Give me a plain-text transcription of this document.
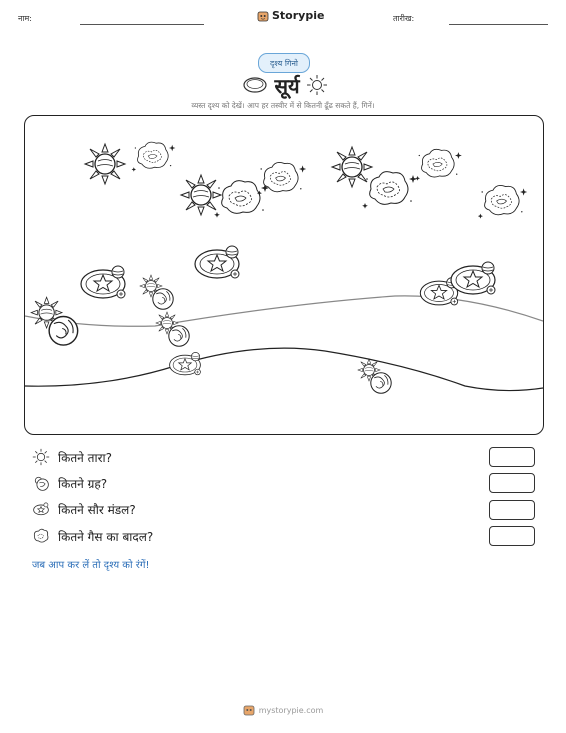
नाम:	Storypie	तारीख:
दृश्य गिनो
सूर्य
व्यस्त दृश्य को देखें। आप हर तस्वीर में से कितनी ढूँढ सकते हैं, गिनें।
कितने तारा?
कितने ग्रह?
कितने सौर मंडल?
कितने गैस का बादल?
जब आप कर लें तो दृश्य को रंगें!
mystorypie.com
